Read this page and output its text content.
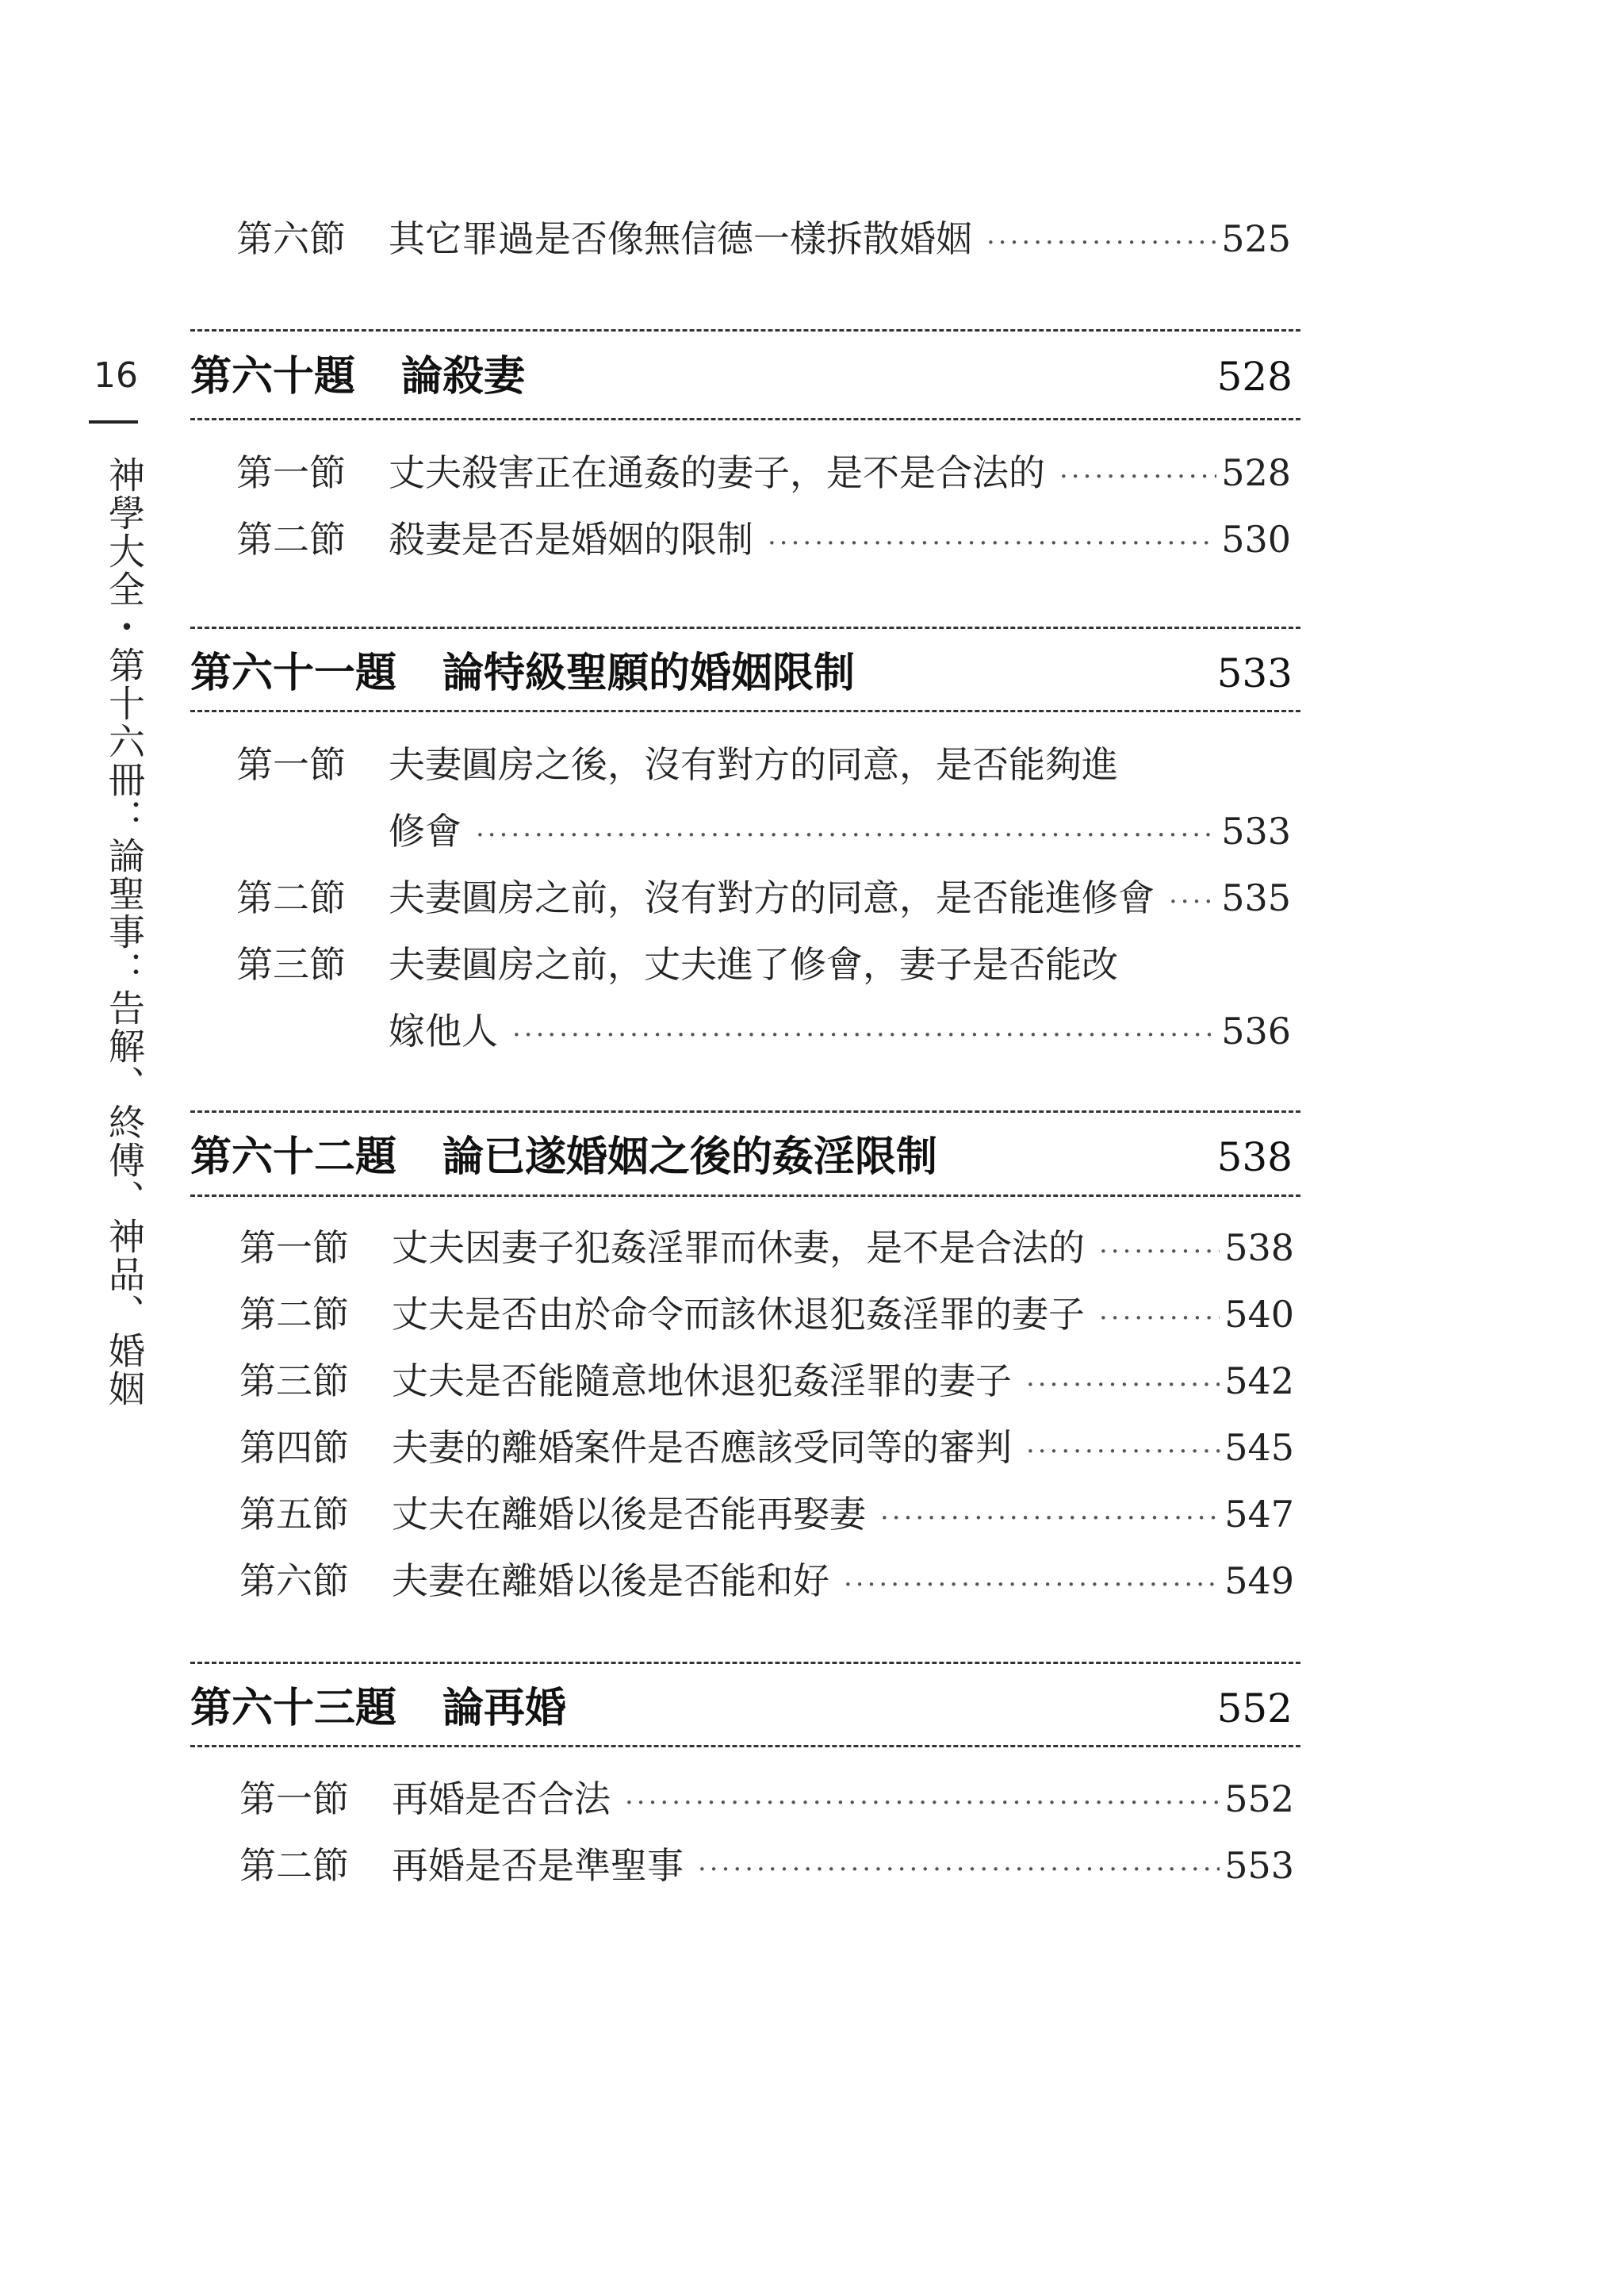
16
神學大全・第十六冊：論聖事：告解、終傅、神品、婚姻
第六節	其它罪過是否像無信德一樣拆散婚姻 ·····	525
第六十題 論殺妻	528
第一節	丈夫殺害正在通姦的妻子，是不是合法的 ·····	528
第二節	殺妻是否是婚姻的限制 ·····	530
第六十一題 論特級聖願的婚姻限制	533
第一節	夫妻圓房之後，沒有對方的同意，是否能夠進
修會 ·····	533
第二節	夫妻圓房之前，沒有對方的同意，是否能進修會 ····· 535
第三節	夫妻圓房之前，丈夫進了修會，妻子是否能改
嫁他人 ·····	536
第六十二題 論已遂婚姻之後的姦淫限制	538
第一節	丈夫因妻子犯姦淫罪而休妻，是不是合法的 ·····	538
第二節	丈夫是否由於命令而該休退犯姦淫罪的妻子 ·····	540
第三節	丈夫是否能隨意地休退犯姦淫罪的妻子 ·····	542
第四節	夫妻的離婚案件是否應該受同等的審判 ·····	545
第五節	丈夫在離婚以後是否能再娶妻 ·····	547
第六節	夫妻在離婚以後是否能和好 ·····	549
第六十三題 論再婚	552
第一節	再婚是否合法 ·····	552
第二節	再婚是否是準聖事 ·····	553
